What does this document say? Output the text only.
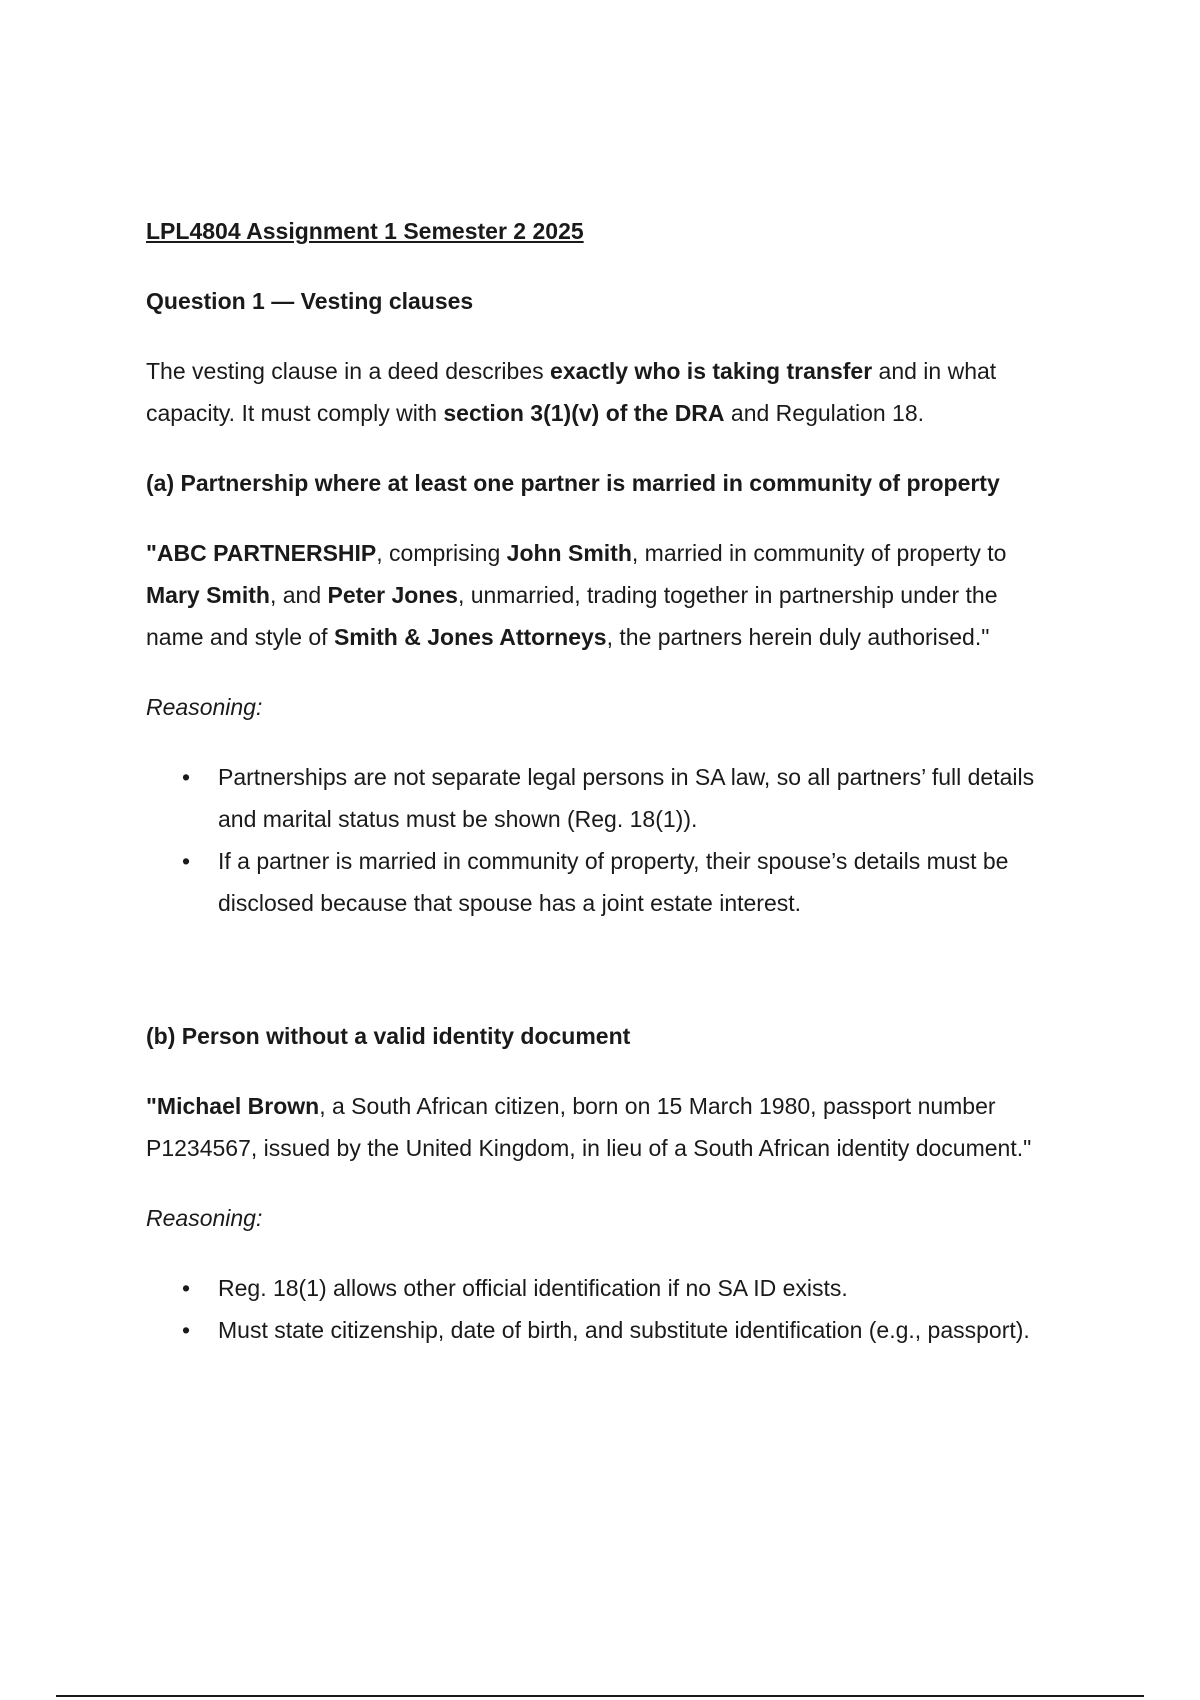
LPL4804 Assignment 1 Semester 2 2025

Question 1 — Vesting clauses

The vesting clause in a deed describes exactly who is taking transfer and in what

capacity. It must comply with section 3(1)(v) of the DRA and Regulation 18.

(a) Partnership where at least one partner is married in community of property

"ABC PARTNERSHIP, comprising John Smith, married in community of property to

Mary Smith, and Peter Jones, unmarried, trading together in partnership under the

name and style of Smith & Jones Attorneys, the partners herein duly authorised."

Reasoning:

• Partnerships are not separate legal persons in SA law, so all partners’ full details
and marital status must be shown (Reg. 18(1)).
• If a partner is married in community of property, their spouse’s details must be
disclosed because that spouse has a joint estate interest.

(b) Person without a valid identity document

"Michael Brown, a South African citizen, born on 15 March 1980, passport number

P1234567, issued by the United Kingdom, in lieu of a South African identity document."

Reasoning:

• Reg. 18(1) allows other official identification if no SA ID exists.
• Must state citizenship, date of birth, and substitute identification (e.g., passport).
